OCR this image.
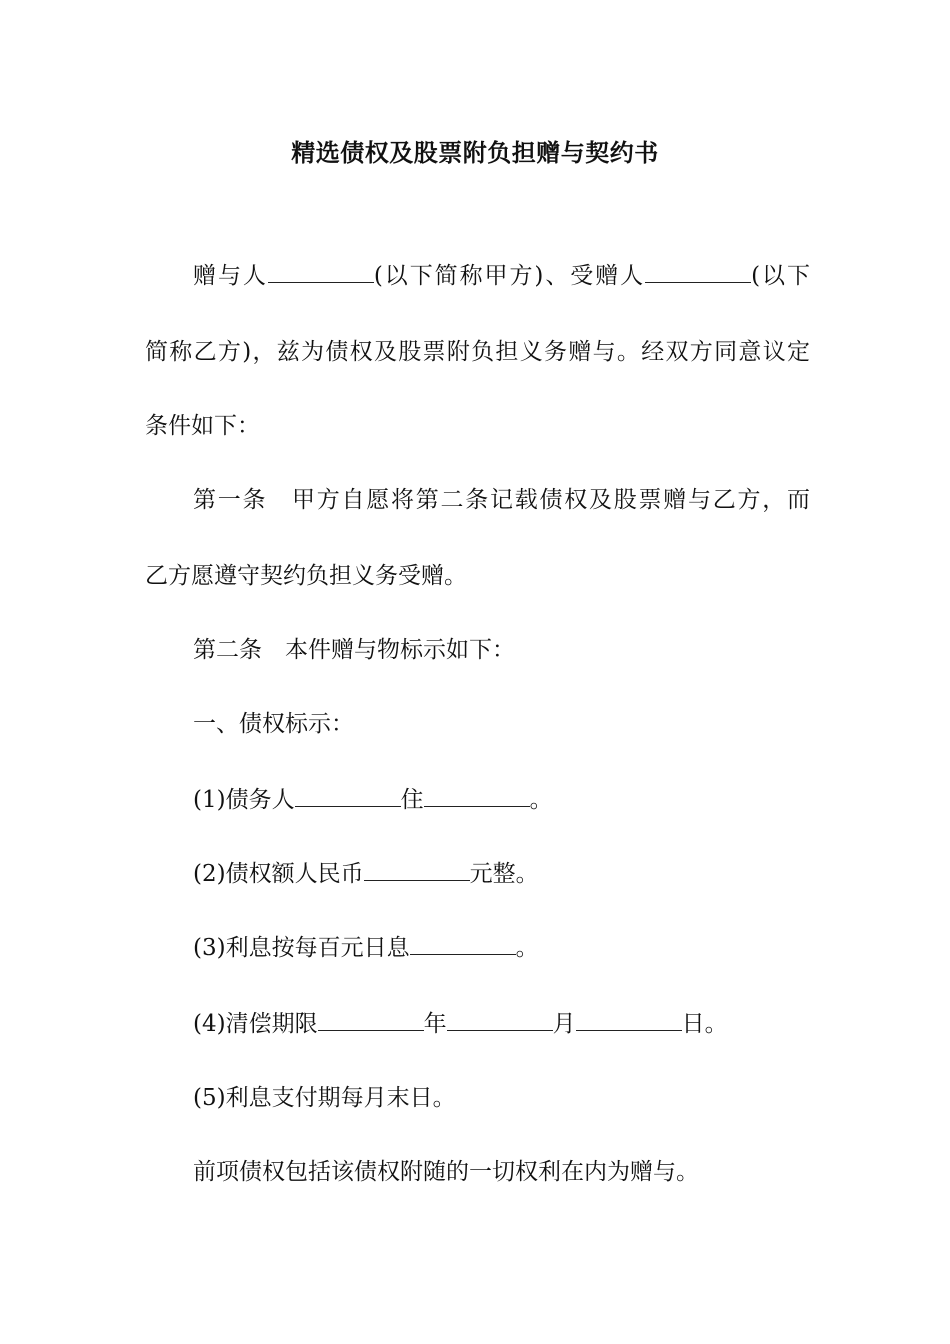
精选债权及股票附负担赠与契约书
赠与人	(以下简称甲方)、受赠人	(以下
简称乙方)，兹为债权及股票附负担义务赠与。经双方同意议定
条件如下：
第一条　甲方自愿将第二条记载债权及股票赠与乙方，而
乙方愿遵守契约负担义务受赠。
第二条　本件赠与物标示如下：
一、债权标示：
(1)债务人	住	。
(2)债权额人民币	元整。
(3)利息按每百元日息	。
(4)清偿期限	年	月	日。
(5)利息支付期每月末日。
前项债权包括该债权附随的一切权利在内为赠与。
